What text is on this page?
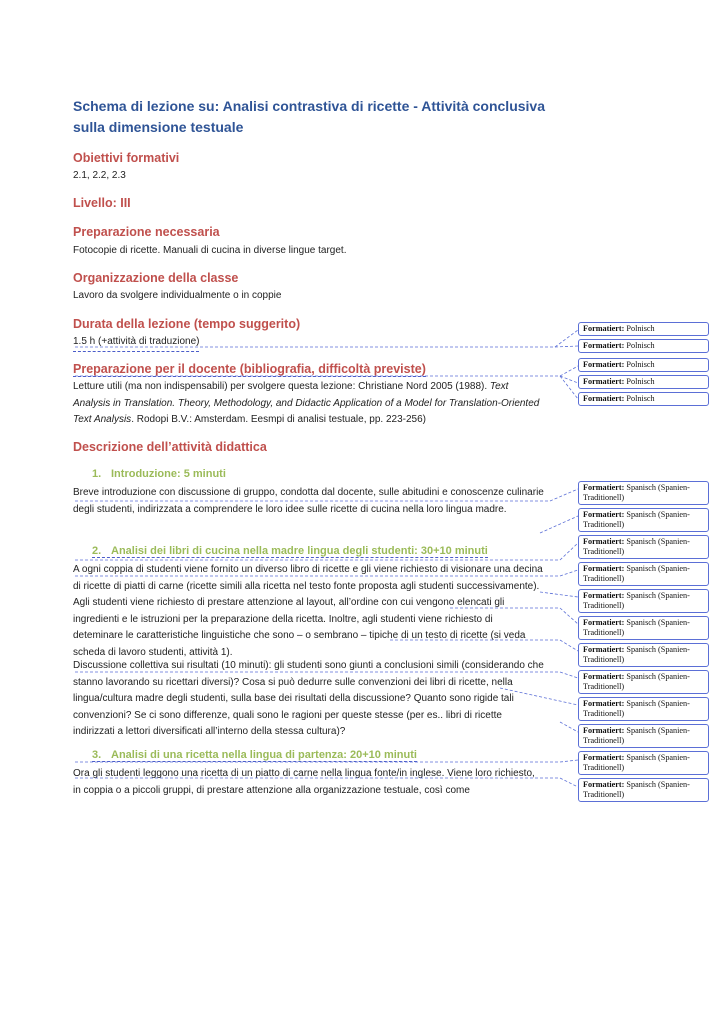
Schema di lezione su: Analisi contrastiva di ricette - Attività conclusiva sulla dimensione testuale
Obiettivi formativi
2.1, 2.2, 2.3
Livello: III
Preparazione necessaria
Fotocopie di ricette. Manuali di cucina in diverse lingue target.
Organizzazione della classe
Lavoro da svolgere individualmente o in coppie
Durata della lezione (tempo suggerito)
1.5 h (+attività di traduzione)
Preparazione per il docente (bibliografia, difficoltà previste)
Letture utili (ma non indispensabili) per svolgere questa lezione: Christiane Nord 2005 (1988). Text Analysis in Translation. Theory, Methodology, and Didactic Application of a Model for Translation-Oriented Text Analysis. Rodopi B.V.: Amsterdam. Eesmpi di analisi testuale, pp. 223-256)
Descrizione dell’attività didattica
1. Introduzione: 5 minuti
Breve introduzione con discussione di gruppo, condotta dal docente, sulle abitudini e conoscenze culinarie degli studenti, indirizzata a comprendere le loro idee sulle ricette di cucina nella loro lingua madre.
2. Analisi dei libri di cucina nella madre lingua degli studenti: 30+10 minuti
A ogni coppia di studenti viene fornito un diverso libro di ricette e gli viene richiesto di visionare una decina di ricette di piatti di carne (ricette simili alla ricetta nel testo fonte proposta agli studenti successivamente). Agli studenti viene richiesto di prestare attenzione al layout, all’ordine con cui vengono elencati gli ingredienti e le istruzioni per la preparazione della ricetta. Inoltre, agli studenti viene richiesto di deteminare le caratteristiche linguistiche che sono – o sembrano – tipiche di un testo di ricette (si veda scheda di lavoro studenti, attività 1).
Discussione collettiva sui risultati (10 minuti): gli studenti sono giunti a conclusioni simili (considerando che stanno lavorando su ricettari diversi)? Cosa si può dedurre sulle convenzioni dei libri di ricette, nella lingua/cultura madre degli studenti, sulla base dei risultati della discussione? Quanto sono rigide tali convenzioni? Se ci sono differenze, quali sono le ragioni per queste stesse (per es.. libri di ricette indirizzati a lettori diversificati all’interno della stessa cultura)?
3. Analisi di una ricetta nella lingua di partenza: 20+10 minuti
Ora gli studenti leggono una ricetta di un piatto di carne nella lingua fonte/in inglese. Viene loro richiesto, in coppia o a piccoli gruppi, di prestare attenzione alla organizzazione testuale, così come
Formatiert: Polnisch
Formatiert: Polnisch
Formatiert: Polnisch
Formatiert: Polnisch
Formatiert: Polnisch
Formatiert: Spanisch (Spanien-Traditionell)
Formatiert: Spanisch (Spanien-Traditionell)
Formatiert: Spanisch (Spanien-Traditionell)
Formatiert: Spanisch (Spanien-Traditionell)
Formatiert: Spanisch (Spanien-Traditionell)
Formatiert: Spanisch (Spanien-Traditionell)
Formatiert: Spanisch (Spanien-Traditionell)
Formatiert: Spanisch (Spanien-Traditionell)
Formatiert: Spanisch (Spanien-Traditionell)
Formatiert: Spanisch (Spanien-Traditionell)
Formatiert: Spanisch (Spanien-Traditionell)
Formatiert: Spanisch (Spanien-Traditionell)
